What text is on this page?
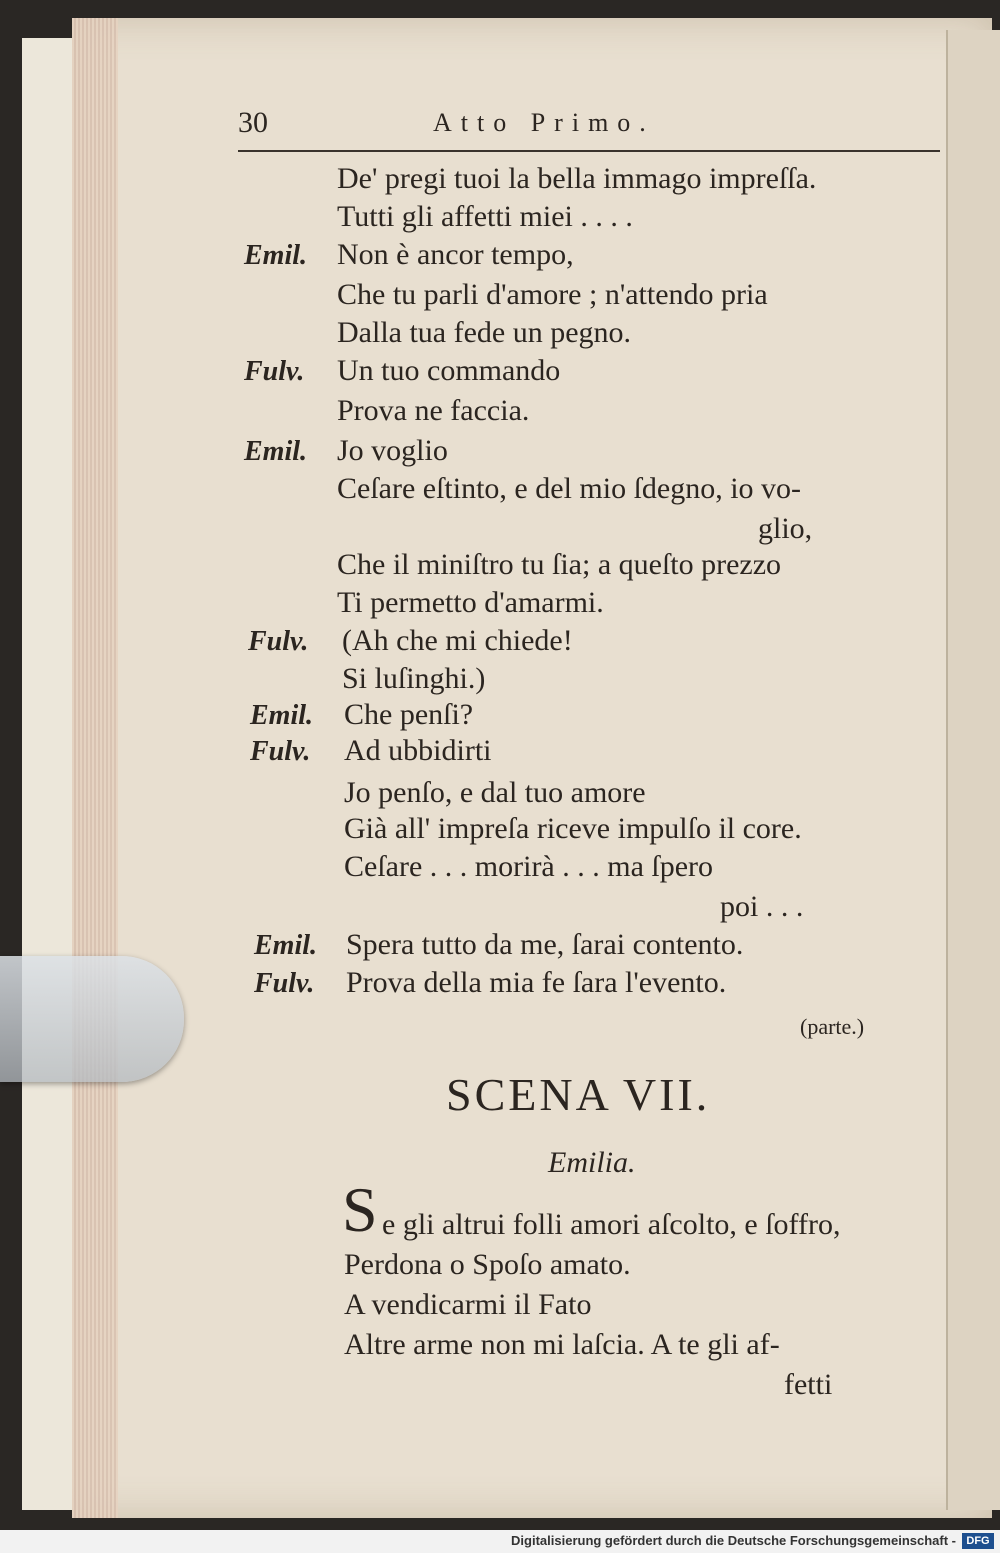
30	Atto Primo.
De' pregi tuoi la bella immago impreſſa.
Tutti gli affetti miei . . . .
Emil. Non è ancor tempo,
Che tu parli d'amore ; n'attendo pria
Dalla tua fede un pegno.
Fulv. Un tuo commando
Prova ne faccia.
Emil. Jo voglio
Ceſare eſtinto, e del mio ſdegno, io vo-
glio,
Che il miniſtro tu ſia; a queſto prezzo
Ti permetto d'amarmi.
Fulv. (Ah che mi chiede!
Si luſinghi.)
Emil. Che penſi?
Fulv. Ad ubbidirti
Jo penſo, e dal tuo amore
Già all' impreſa riceve impulſo il core.
Ceſare . . . morirà . . . ma ſpero
poi . . .
Emil. Spera tutto da me, ſarai contento.
Fulv. Prova della mia fe ſara l'evento.
(parte.)
SCENA VII.
Emilia.
S e gli altrui folli amori aſcolto, e ſoffro,
Perdona o Spoſo amato.
A vendicarmi il Fato
Altre arme non mi laſcia. A te gli af-
fetti
Digitalisierung gefördert durch die Deutsche Forschungsgemeinschaft - DFG
